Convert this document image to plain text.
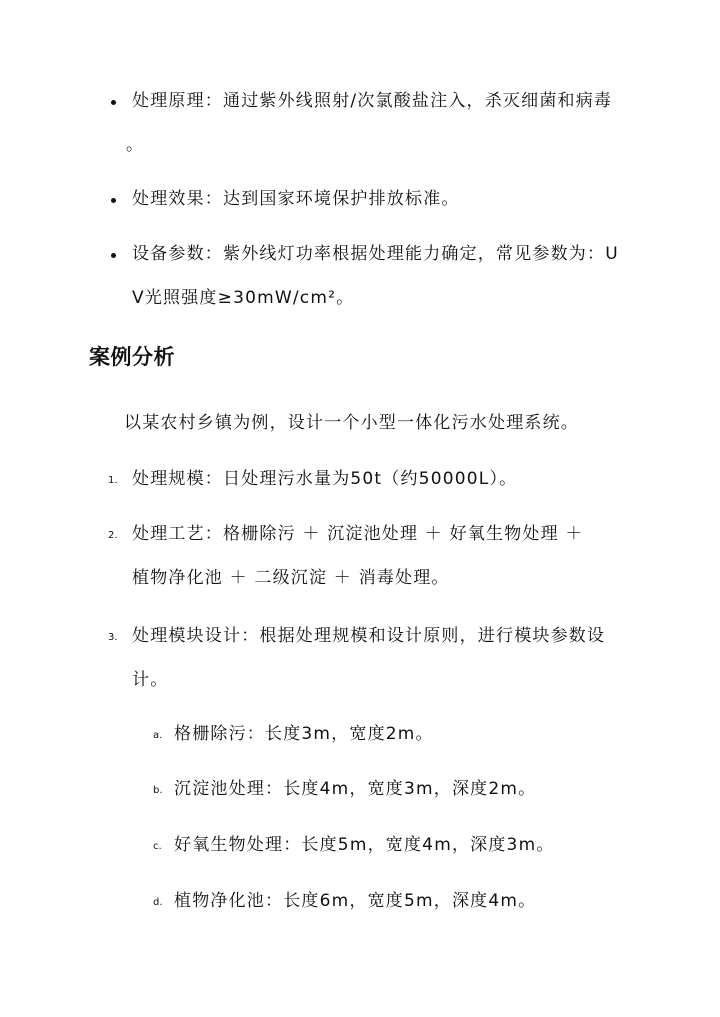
处理原理：通过紫外线照射/次氯酸盐注入，杀灭细菌和病毒
。
处理效果：达到国家环境保护排放标准。
设备参数：紫外线灯功率根据处理能力确定，常见参数为：U
V光照强度≥30mW/cm²。
案例分析
以某农村乡镇为例，设计一个小型一体化污水处理系统。
1. 处理规模：日处理污水量为50t（约50000L）。
2. 处理工艺：格栅除污 ＋ 沉淀池处理 ＋ 好氧生物处理 ＋
植物净化池 ＋ 二级沉淀 ＋ 消毒处理。
3. 处理模块设计：根据处理规模和设计原则，进行模块参数设
计。
a. 格栅除污：长度3m，宽度2m。
b. 沉淀池处理：长度4m，宽度3m，深度2m。
c. 好氧生物处理：长度5m，宽度4m，深度3m。
d. 植物净化池：长度6m，宽度5m，深度4m。
